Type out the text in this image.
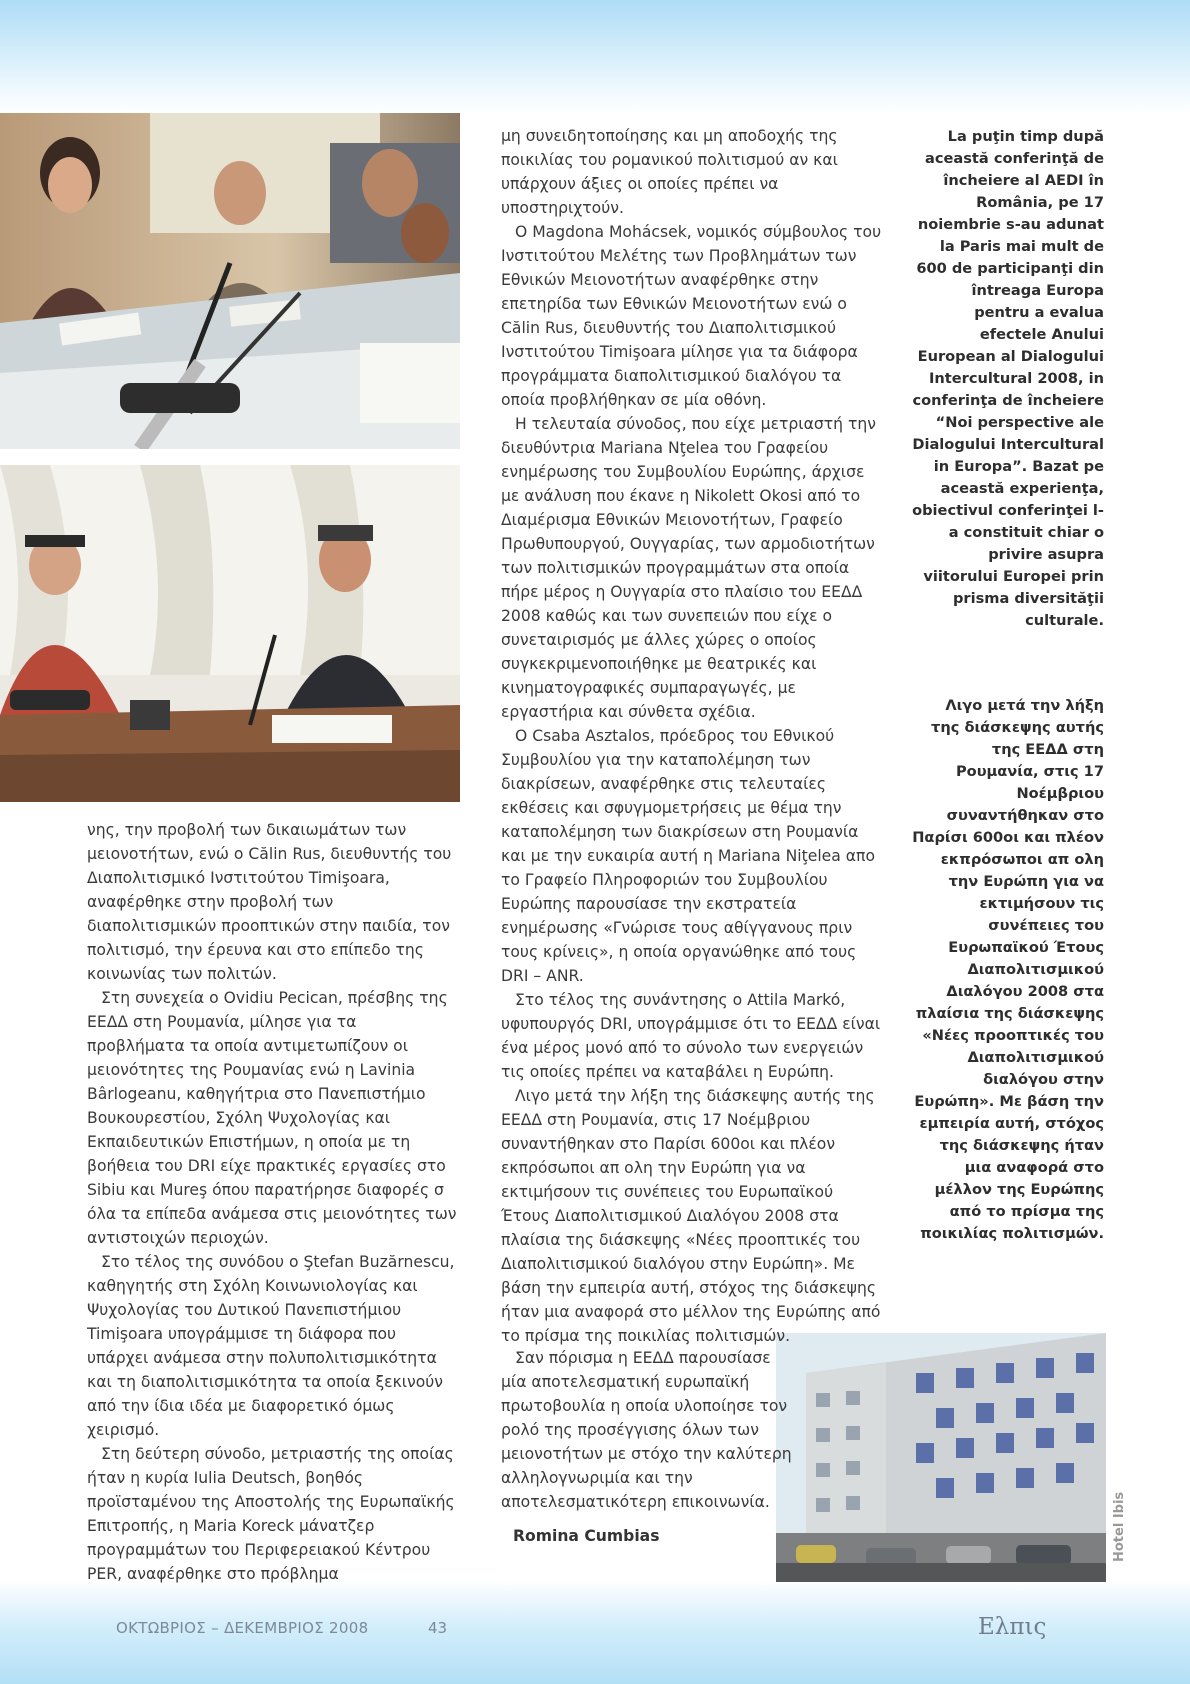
Hotel Ibis

νης, την προβολή των δικαιωμάτων των μειονοτήτων, ενώ ο Călin Rus, διευθυντής του Διαπολιτισμικό Ινστιτούτου Timişoara, αναφέρθηκε στην προβολή των διαπολιτισμικών προοπτικών στην παιδία, τον πολιτισμό, την έρευνα και στο επίπεδο της κοινωνίας των πολιτών.

Στη συνεχεία ο Ovidiu Pecican, πρέσβης της ΕΕΔΔ στη Ρουμανία, μίλησε για τα προβλήματα τα οποία αντιμετωπίζουν οι μειονότητες της Ρουμανίας ενώ η Lavinia Bârlogeanu, καθηγήτρια στο Πανεπιστήμιο Βουκουρεστίου, Σχόλη Ψυχολογίας και Εκπαιδευτικών Επιστήμων, η οποία με τη βοήθεια του DRI είχε πρακτικές εργασίες στο Sibiu και Mureş όπου παρατήρησε διαφορές σ όλα τα επίπεδα ανάμεσα στις μειονότητες των αντιστοιχών περιοχών.

Στο τέλος της συνόδου ο Ştefan Buzărnescu, καθηγητής στη Σχόλη Κοινωνιολογίας και Ψυχολογίας του Δυτικού Πανεπιστήμιου Timişoara υπογράμμισε τη διάφορα που υπάρχει ανάμεσα στην πολυπολιτισμικότητα και τη διαπολιτισμικότητα τα οποία ξεκινούν από την ίδια ιδέα με διαφορετικό όμως χειρισμό.

Στη δεύτερη σύνοδο, μετριαστής της οποίας ήταν η κυρία Iulia Deutsch, βοηθός προϊσταμένου της Αποστολής της Ευρωπαϊκής Επιτροπής, η Maria Koreck μάνατζερ προγραμμάτων του Περιφερειακού Κέντρου PER, αναφέρθηκε στο πρόβλημα

μη συνειδητοποίησης και μη αποδοχής της ποικιλίας του ρομανικού πολιτισμού αν και υπάρχουν άξιες οι οποίες πρέπει να υποστηριχτούν.

O Magdona Mohácsek, νομικός σύμβουλος του Ινστιτούτου Μελέτης των Προβλημάτων των Εθνικών Μειονοτήτων αναφέρθηκε στην επετηρίδα των Εθνικών Μειονοτήτων ενώ ο Călin Rus, διευθυντής του Διαπολιτισμικού Ινστιτούτου Timişoara μίλησε για τα διάφορα προγράμματα διαπολιτισμικού διαλόγου τα οποία προβλήθηκαν σε μία οθόνη.

Η τελευταία σύνοδος, που είχε μετριαστή την διευθύντρια Mariana Nţelea του Γραφείου ενημέρωσης του Συμβουλίου Ευρώπης, άρχισε με ανάλυση που έκανε η Nikolett Okosi από το Διαμέρισμα Εθνικών Μειονοτήτων, Γραφείο Πρωθυπουργού, Ουγγαρίας, των αρμοδιοτήτων των πολιτισμικών προγραμμάτων στα οποία πήρε μέρος η Ουγγαρία στο πλαίσιο του ΕΕΔΔ 2008 καθώς και των συνεπειών που είχε ο συνεταιρισμός με άλλες χώρες ο οποίος συγκεκριμενοποιήθηκε με θεατρικές και κινηματογραφικές συμπαραγωγές, με εργαστήρια και σύνθετα σχέδια.

O Csaba Asztalos, πρόεδρος του Εθνικού Συμβουλίου για την καταπολέμηση των διακρίσεων, αναφέρθηκε στις τελευταίες εκθέσεις και σφυγμομετρήσεις με θέμα την καταπολέμηση των διακρίσεων στη Ρουμανία και με την ευκαιρία αυτή η Mariana Niţelea απο το Γραφείο Πληροφοριών του Συμβουλίου Ευρώπης παρουσίασε την εκστρατεία ενημέρωσης «Γνώρισε τους αθίγγανους πριν τους κρίνεις», η οποία οργανώθηκε από τους DRI – ANR.

Στο τέλος της συνάντησης ο Attila Markó, υφυπουργός DRI, υπογράμμισε ότι το ΕΕΔΔ είναι ένα μέρος μονό από το σύνολο των ενεργειών τις οποίες πρέπει να καταβάλει η Ευρώπη.

Λιγο μετά την λήξη της διάσκεψης αυτής της ΕΕΔΔ στη Ρουμανία, στις 17 Νοέμβριου συναντήθηκαν στο Παρίσι 600οι και πλέον εκπρόσωποι απ ολη την Ευρώπη για να εκτιμήσουν τις συνέπειες του Ευρωπαϊκού Έτους Διαπολιτισμικού Διαλόγου 2008 στα πλαίσια της διάσκεψης «Νέες προοπτικές του Διαπολιτισμικού διαλόγου στην Ευρώπη». Με βάση την εμπειρία αυτή, στόχος της διάσκεψης ήταν μια αναφορά στο μέλλον της Ευρώπης από το πρίσμα της ποικιλίας πολιτισμών.

Σαν πόρισμα η ΕΕΔΔ παρουσίασε μία αποτελεσματική ευρωπαϊκή πρωτοβουλία η οποία υλοποίησε τον ρολό της προσέγγισης όλων των μειονοτήτων με στόχο την καλύτερη αλληλογνωριμία και την αποτελεσματικότερη επικοινωνία.

Romina Cumbias

La puţin timp după această conferinţă de încheiere al AEDI în România, pe 17 noiembrie s-au adunat la Paris mai mult de 600 de participanţi din întreaga Europa pentru a evalua efectele Anului European al Dialogului Intercultural 2008, in conferinţa de încheiere “Noi perspective ale Dialogului Intercultural in Europa”. Bazat pe această experienţa, obiectivul conferinţei l-a constituit chiar o privire asupra viitorului Europei prin prisma diversităţii culturale.

Λιγο μετά την λήξη της διάσκεψης αυτής της ΕΕΔΔ στη Ρουμανία, στις 17 Νοέμβριου συναντήθηκαν στο Παρίσι 600οι και πλέον εκπρόσωποι απ ολη την Ευρώπη για να εκτιμήσουν τις συνέπειες του Ευρωπαϊκού Έτους Διαπολιτισμικού Διαλόγου 2008 στα πλαίσια της διάσκεψης «Νέες προοπτικές του Διαπολιτισμικού διαλόγου στην Ευρώπη». Με βάση την εμπειρία αυτή, στόχος της διάσκεψης ήταν μια αναφορά στο μέλλον της Ευρώπης από το πρίσμα της ποικιλίας πολιτισμών.

ΟΚΤΩΒΡΙΟΣ – ΔΕΚΕΜΒΡΙΟΣ 2008	43	Ελπις
